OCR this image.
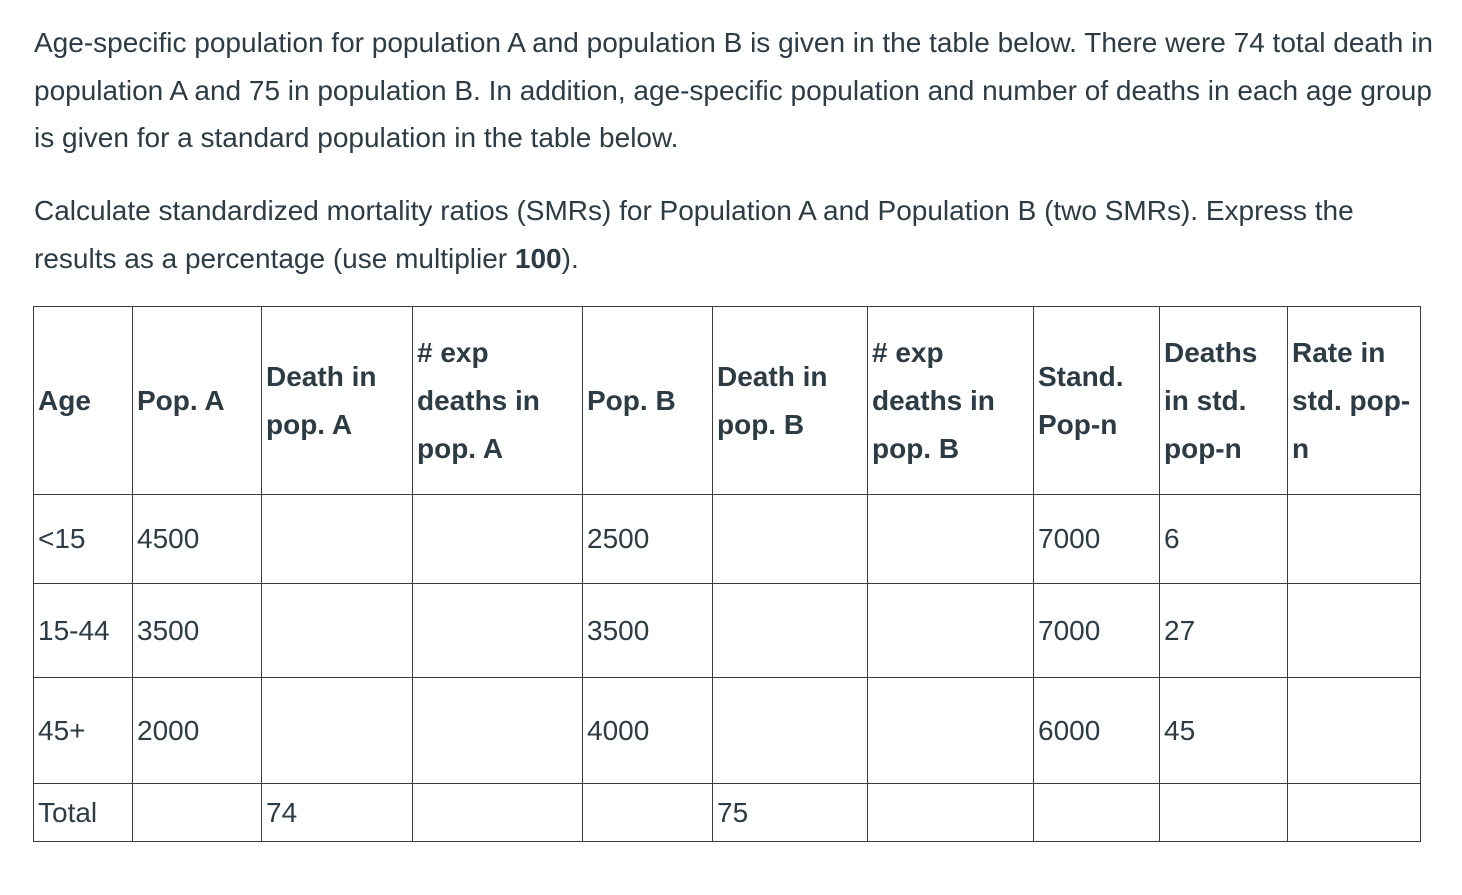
Age-specific population for population A and population B is given in the table below. There were 74 total death in population A and 75 in population B. In addition, age-specific population and number of deaths in each age group is given for a standard population in the table below.

Calculate standardized mortality ratios (SMRs) for Population A and Population B (two SMRs). Express the results as a percentage (use multiplier 100).

Age	Pop. A	Death in pop. A	# exp deaths in pop. A	Pop. B	Death in pop. B	# exp deaths in pop. B	Stand. Pop-n	Deaths in std. pop-n	Rate in std. pop-n
<15	4500			2500			7000	6	
15-44	3500			3500			7000	27	
45+	2000			4000			6000	45	
Total		74			75				
